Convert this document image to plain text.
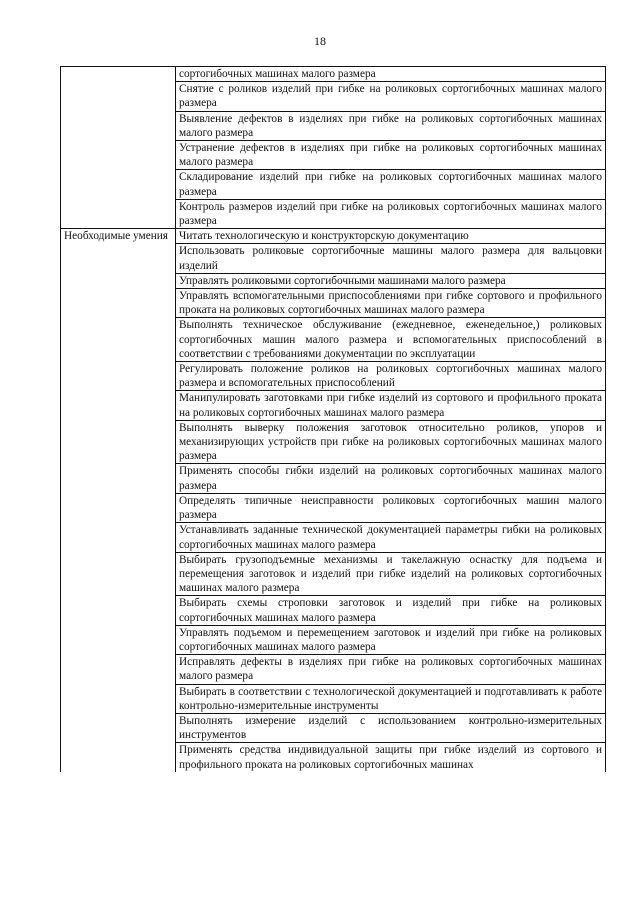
18
	сортогибочных машинах малого размера
	Снятие с роликов изделий при гибке на роликовых сортогибочных машинах малого размера
	Выявление дефектов в изделиях при гибке на роликовых сортогибочных машинах малого размера
	Устранение дефектов в изделиях при гибке на роликовых сортогибочных машинах малого размера
	Складирование изделий при гибке на роликовых сортогибочных машинах малого размера
	Контроль размеров изделий при гибке на роликовых сортогибочных машинах малого размера
Необходимые умения	Читать технологическую и конструкторскую документацию
	Использовать роликовые сортогибочные машины малого размера для вальцовки изделий
	Управлять роликовыми сортогибочными машинами малого размера
	Управлять вспомогательными приспособлениями при гибке сортового и профильного проката на роликовых сортогибочных машинах малого размера
	Выполнять техническое обслуживание (ежедневное, еженедельное,) роликовых сортогибочных машин малого размера и вспомогательных приспособлений в соответствии с требованиями документации по эксплуатации
	Регулировать положение роликов на роликовых сортогибочных машинах малого размера и вспомогательных приспособлений
	Манипулировать заготовками при гибке изделий из сортового и профильного проката на роликовых сортогибочных машинах малого размера
	Выполнять выверку положения заготовок относительно роликов, упоров и механизирующих устройств при гибке на роликовых сортогибочных машинах малого размера
	Применять способы гибки изделий на роликовых сортогибочных машинах малого размера
	Определять типичные неисправности роликовых сортогибочных машин малого размера
	Устанавливать заданные технической документацией параметры гибки на роликовых сортогибочных машинах малого размера
	Выбирать грузоподъемные механизмы и такелажную оснастку для подъема и перемещения заготовок и изделий при гибке изделий на роликовых сортогибочных машинах малого размера
	Выбирать схемы строповки заготовок и изделий при гибке на роликовых сортогибочных машинах малого размера
	Управлять подъемом и перемещением заготовок и изделий при гибке на роликовых сортогибочных машинах малого размера
	Исправлять дефекты в изделиях при гибке на роликовых сортогибочных машинах малого размера
	Выбирать в соответствии с технологической документацией и подготавливать к работе контрольно-измерительные инструменты
	Выполнять измерение изделий с использованием контрольно-измерительных инструментов
	Применять средства индивидуальной защиты при гибке изделий из сортового и профильного проката на роликовых сортогибочных машинах
